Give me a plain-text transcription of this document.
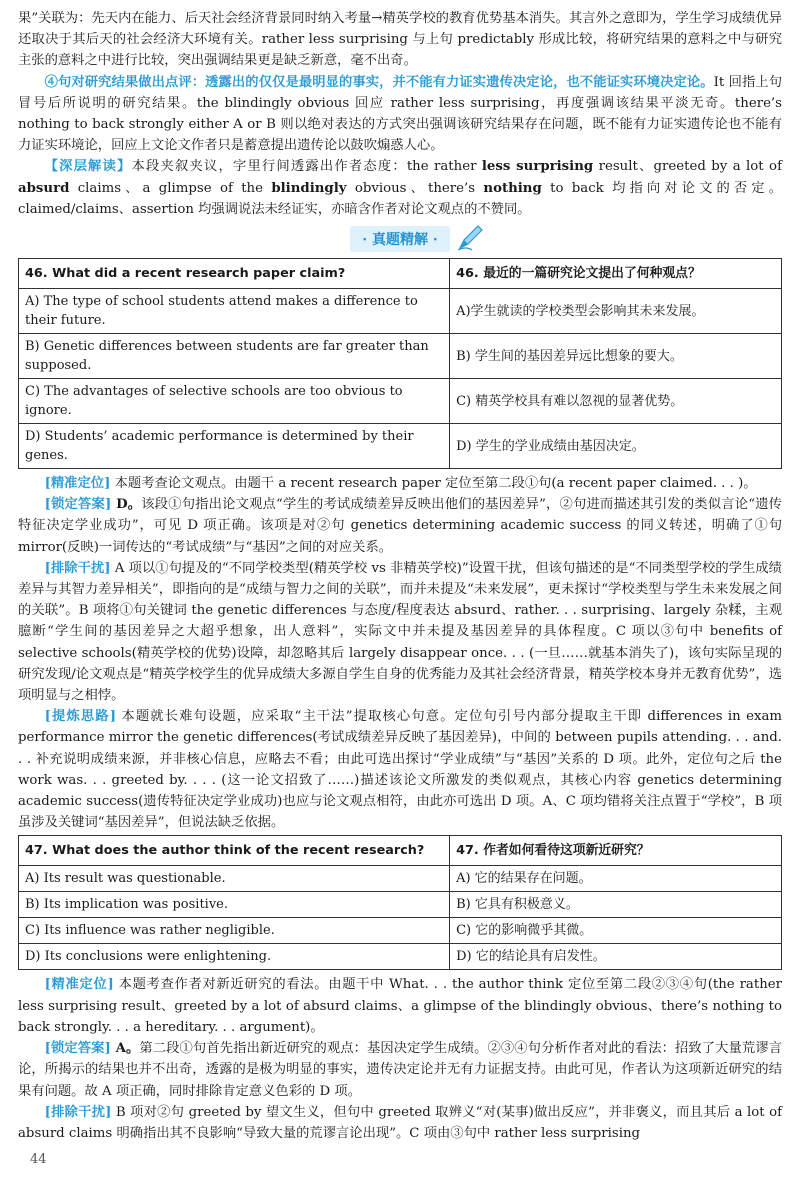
果”关联为：先天内在能力、后天社会经济背景同时纳入考量→精英学校的教育优势基本消失。其言外之意即为，学生学习成绩优异还取决于其后天的社会经济大环境有关。rather less surprising 与上句 predictably 形成比较，将研究结果的意料之中与研究主张的意料之中进行比较，突出强调结果更是缺乏新意，毫不出奇。

④句对研究结果做出点评：透露出的仅仅是最明显的事实，并不能有力证实遗传决定论，也不能证实环境决定论。It 回指上句冒号后所说明的研究结果。the blindingly obvious 回应 rather less surprising，再度强调该结果平淡无奇。there’s nothing to back strongly either A or B 则以绝对表达的方式突出强调该研究结果存在问题，既不能有力证实遗传论也不能有力证实环境论，回应上文论文作者只是蓄意提出遗传论以鼓吹煽惑人心。

【深层解读】本段夹叙夹议，字里行间透露出作者态度：the rather less surprising result、greeted by a lot of absurd claims、a glimpse of the blindingly obvious、there’s nothing to back 均指向对论文的否定。claimed/claims、assertion 均强调说法未经证实，亦暗含作者对论文观点的不赞同。

· 真题精解 ·
46. What did a recent research paper claim?	46. 最近的一篇研究论文提出了何种观点？
A) The type of school students attend makes a difference to their future.	A)学生就读的学校类型会影响其未来发展。
B) Genetic differences between students are far greater than supposed.	B) 学生间的基因差异远比想象的要大。
C) The advantages of selective schools are too obvious to ignore.	C) 精英学校具有难以忽视的显著优势。
D) Students’ academic performance is determined by their genes.	D) 学生的学业成绩由基因决定。

[精准定位] 本题考查论文观点。由题干 a recent research paper 定位至第二段①句(a recent paper claimed. . . )。

[锁定答案] D。该段①句指出论文观点“学生的考试成绩差异反映出他们的基因差异”，②句进而描述其引发的类似言论“遗传特征决定学业成功”，可见 D 项正确。该项是对②句 genetics determining academic success 的同义转述，明确了①句 mirror(反映)一词传达的“考试成绩”与“基因”之间的对应关系。

[排除干扰] A 项以①句提及的“不同学校类型(精英学校 vs 非精英学校)”设置干扰，但该句描述的是“不同类型学校的学生成绩差异与其智力差异相关”，即指向的是“成绩与智力之间的关联”，而并未提及“未来发展”，更未探讨“学校类型与学生未来发展之间的关联”。B 项将①句关键词 the genetic differences 与态度/程度表达 absurd、rather. . . surprising、largely 杂糅，主观臆断“学生间的基因差异之大超乎想象，出人意料”，实际文中并未提及基因差异的具体程度。C 项以③句中 benefits of selective schools(精英学校的优势)设障，却忽略其后 largely disappear once. . . (一旦……就基本消失了)，该句实际呈现的研究发现/论文观点是“精英学校学生的优异成绩大多源自学生自身的优秀能力及其社会经济背景，精英学校本身并无教育优势”，选项明显与之相悖。

[提炼思路] 本题就长难句设题，应采取“主干法”提取核心句意。定位句引号内部分提取主干即 differences in exam performance mirror the genetic differences(考试成绩差异反映了基因差异)，中间的 between pupils attending. . . and. . . 补充说明成绩来源，并非核心信息，应略去不看；由此可选出探讨“学业成绩”与“基因”关系的 D 项。此外，定位句之后 the work was. . . greeted by. . . . (这一论文招致了……)描述该论文所激发的类似观点，其核心内容 genetics determining academic success(遗传特征决定学业成功)也应与论文观点相符，由此亦可选出 D 项。A、C 项均错将关注点置于“学校”，B 项虽涉及关键词“基因差异”，但说法缺乏依据。

47. What does the author think of the recent research?	47. 作者如何看待这项新近研究？
A) Its result was questionable.	A) 它的结果存在问题。
B) Its implication was positive.	B) 它具有积极意义。
C) Its influence was rather negligible.	C) 它的影响微乎其微。
D) Its conclusions were enlightening.	D) 它的结论具有启发性。

[精准定位] 本题考查作者对新近研究的看法。由题干中 What. . . the author think 定位至第二段②③④句(the rather less surprising result、greeted by a lot of absurd claims、a glimpse of the blindingly obvious、there’s nothing to back strongly. . . a hereditary. . . argument)。

[锁定答案] A。第二段①句首先指出新近研究的观点：基因决定学生成绩。②③④句分析作者对此的看法：招致了大量荒谬言论，所揭示的结果也并不出奇，透露的是极为明显的事实，遗传决定论并无有力证据支持。由此可见，作者认为这项新近研究的结果有问题。故 A 项正确，同时排除肯定意义色彩的 D 项。

[排除干扰] B 项对②句 greeted by 望文生义，但句中 greeted 取辨义“对(某事)做出反应”，并非褒义，而且其后 a lot of absurd claims 明确指出其不良影响“导致大量的荒谬言论出现”。C 项由③句中 rather less surprising

44
